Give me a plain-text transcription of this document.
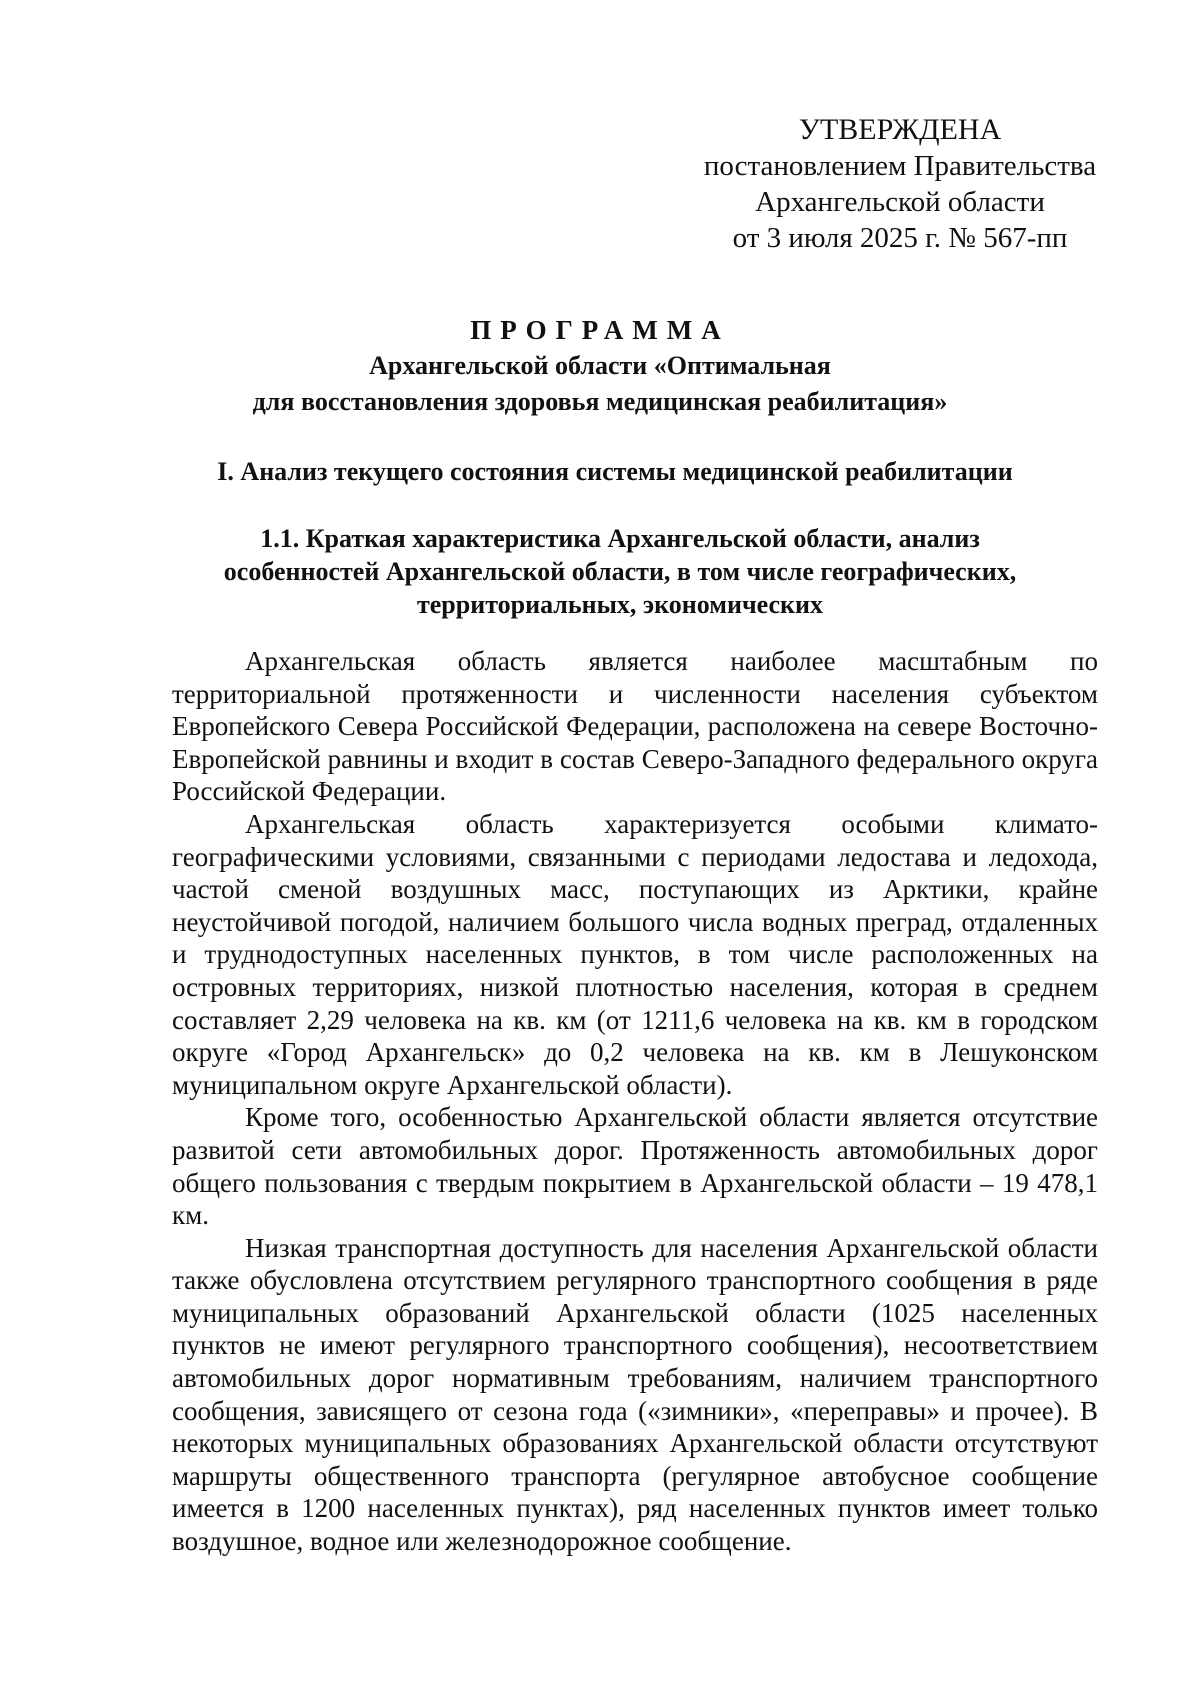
УТВЕРЖДЕНА
постановлением Правительства
Архангельской области
от 3 июля 2025 г. № 567-пп
ПРОГРАММА
Архангельской области «Оптимальная
для восстановления здоровья медицинская реабилитация»
I. Анализ текущего состояния системы медицинской реабилитации
1.1. Краткая характеристика Архангельской области, анализ
особенностей Архангельской области, в том числе географических,
территориальных, экономических

Архангельская область является наиболее масштабным по территориальной протяженности и численности населения субъектом Европейского Севера Российской Федерации, расположена на севере Восточно-Европейской равнины и входит в состав Северо-Западного федерального округа Российской Федерации.

Архангельская область характеризуется особыми климато-географическими условиями, связанными с периодами ледостава и ледохода, частой сменой воздушных масс, поступающих из Арктики, крайне неустойчивой погодой, наличием большого числа водных преград, отдаленных и труднодоступных населенных пунктов, в том числе расположенных на островных территориях, низкой плотностью населения, которая в среднем составляет 2,29 человека на кв. км (от 1211,6 человека на кв. км в городском округе «Город Архангельск» до 0,2 человека на кв. км в Лешуконском муниципальном округе Архангельской области).

Кроме того, особенностью Архангельской области является отсутствие развитой сети автомобильных дорог. Протяженность автомобильных дорог общего пользования с твердым покрытием в Архангельской области – 19 478,1 км.

Низкая транспортная доступность для населения Архангельской области также обусловлена отсутствием регулярного транспортного сообщения в ряде муниципальных образований Архангельской области (1025 населенных пунктов не имеют регулярного транспортного сообщения), несоответствием автомобильных дорог нормативным требованиям, наличием транспортного сообщения, зависящего от сезона года («зимники», «переправы» и прочее). В некоторых муниципальных образованиях Архангельской области отсутствуют маршруты общественного транспорта (регулярное автобусное сообщение имеется в 1200 населенных пунктах), ряд населенных пунктов имеет только воздушное, водное или железнодорожное сообщение.
